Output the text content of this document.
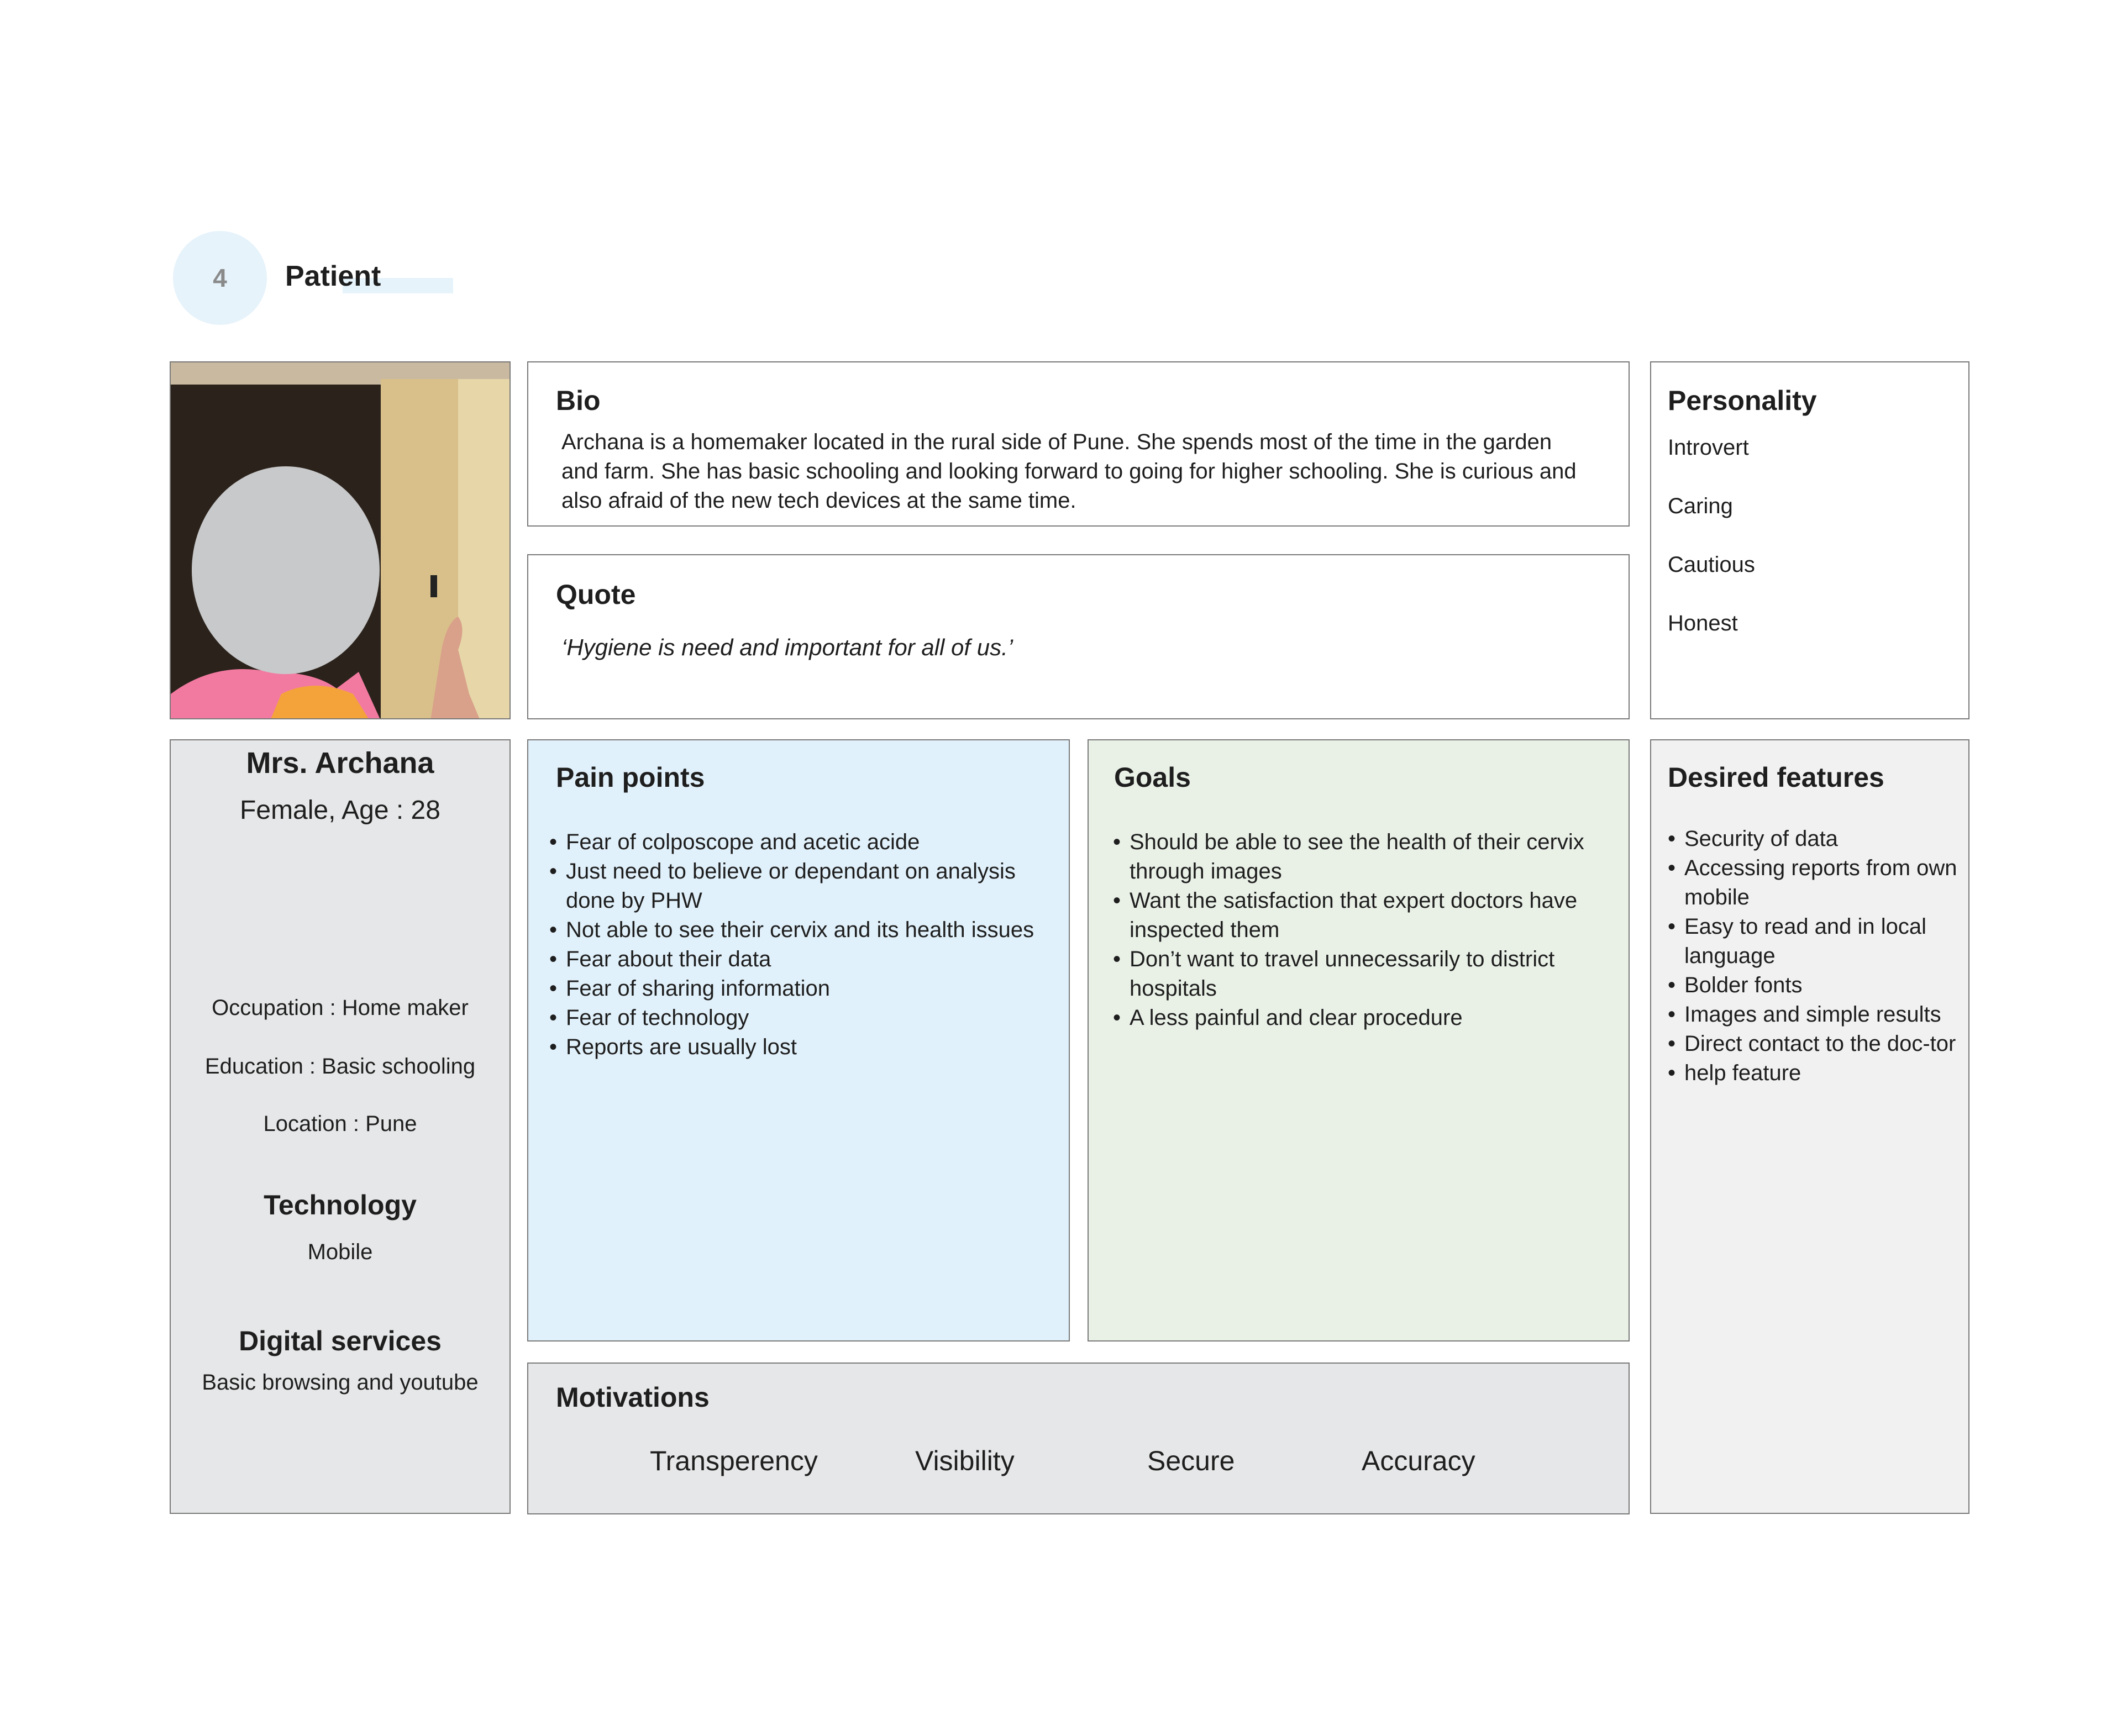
4	Patient
Mrs. Archana
Female, Age : 28
Occupation : Home maker
Education : Basic schooling
Location : Pune
Technology
Mobile
Digital services
Basic browsing and youtube
Bio
Archana is a homemaker located in the rural side of Pune. She spends most of the time in the garden
and farm. She has basic schooling and looking forward to going for higher schooling. She is curious and
also afraid of the new tech devices at the same time.
Quote
‘Hygiene is need and important for all of us.’
Personality
Introvert
Caring
Cautious
Honest
Pain points
• Fear of colposcope and acetic acide
• Just need to believe or dependant on analysis done by PHW
• Not able to see their cervix and its health issues
• Fear about their data
• Fear of sharing information
• Fear of technology
• Reports are usually lost
Goals
• Should be able to see the health of their cervix through images
• Want the satisfaction that expert doctors have inspected them
• Don’t want to travel unnecessarily to district hospitals
• A less painful and clear procedure
Desired features
• Security of data
• Accessing reports from own mobile
• Easy to read and in local language
• Bolder fonts
• Images and simple results
• Direct contact to the doc-tor
• help feature
Motivations
Transperency	Visibility	Secure	Accuracy
